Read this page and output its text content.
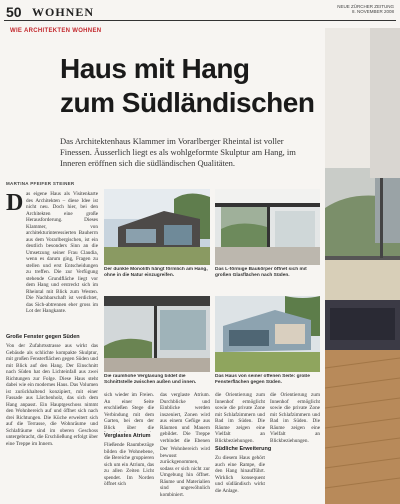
50 WOHNEN	NEUE ZÜRCHER ZEITUNG
8. NOVEMBER 2008
WIE ARCHITEKTEN WOHNEN
Haus mit Hang
zum Südländischen
Das Architektenhaus Klammer im Vorarlberger Rheintal ist voller Finessen. Äusserlich liegt es als wohlgeformte Skulptur am Hang, im Inneren eröffnen sich die südländischen Qualitäten.
MARTINA PFEIFER STEINER
D as eigene Haus als Visitenkarte des Architekten – diese Idee ist nicht neu. Doch hier, bei den Architekten eine große Herausforderung. Dieses Klammer, von architekturinteressierten Bauherrn aus dem Vorarlbergischen, ist ein deutlich besonders Sinn an die Umsetzung seiner Frau Claudia, wenn es darum ging, Fragen zu stellen und erst Entscheidungen zu treffen. Die zur Verfügung stehende Grundfläche liegt vor dem Hang und erstreckt sich im Rheintal mit Blick zum Westen. Die Nachbarschaft ist verdichtet, das Sich-abtrennen eher gross im Lot der Hangkante.
Große Fenster gegen Süden
Von der Zufahrtsstrasse aus wirkt das Gebäude als schlichte kompakte Skulptur, mit großen Fensterflächen gegen Süden und mit Blick auf den Hang. Der Einschnitt nach Süden hat den Lichteinfall aus zwei Richtungen zur Folge. Diese Haus steht dabei wie ein modernes Haus. Das Volumen ist zurückhaltend konzipiert, mit einer Fassade aus Lärchenholz, das sich dem Hang anpasst. Ein Hauptgeschoss nimmt den Wohnbereich auf und öffnet sich nach drei Richtungen. Die Küche erweitert sich auf die Terrasse, die Wohnräume und Schlafräume sind im oberen Geschoss untergebracht, die Erschließung erfolgt über eine Treppe im Innern.
Der dunkle Monolith hängt förmlich am Hang, ohne in die Natur einzugreifen.
Das L-förmige Baukörper öffnet sich mit großen Glasflächen nach Süden.
Die raumhohe Verglasung bildet die Schnittstelle zwischen außen und innen.
Das Haus von seiner offenen Seite: große Fensterflächen gegen Süden.
sich wieder im Freien. An einer Seite erschließen Stege die Verbindung mit dem Garten, bei dem der Blick über die
Verglastes Atrium
Fließende Raumbezüge bilden die Wohnebene, die Bereiche gruppieren sich um ein Atrium, das zu allen Zeiten Licht spendet. Im Norden öffnet sich
das verglaste Atrium. Durchblicke und Einblicke werden inszeniert, Zonen wird aus einem Gefüge aus Räumen und Mauern gebildet. Die Treppe verbindet die Ebenen
Der Wohnbereich wird bewusst zurückgenommen, sodass er sich nicht zur Umgebung hin öffnet. Räume und Materialien sind ungewöhnlich kombiniert.
die Orientierung zum Innenhof ermöglicht sowie die private Zone mit Schlafzimmern und Bad im Süden. Die Räume zeigen eine Vielfalt an Blickbeziehungen.
Südliche Erweiterung
Zu diesem Haus gehört auch eine Rampe, die den Hang hinaufführt. Wirklich konsequent und südländisch wirkt die Anlage.
die Orientierung zum Innenhof ermöglicht sowie die private Zone mit Schlafzimmern und Bad im Süden. Die Räume zeigen eine Vielfalt an Blickbeziehungen.
